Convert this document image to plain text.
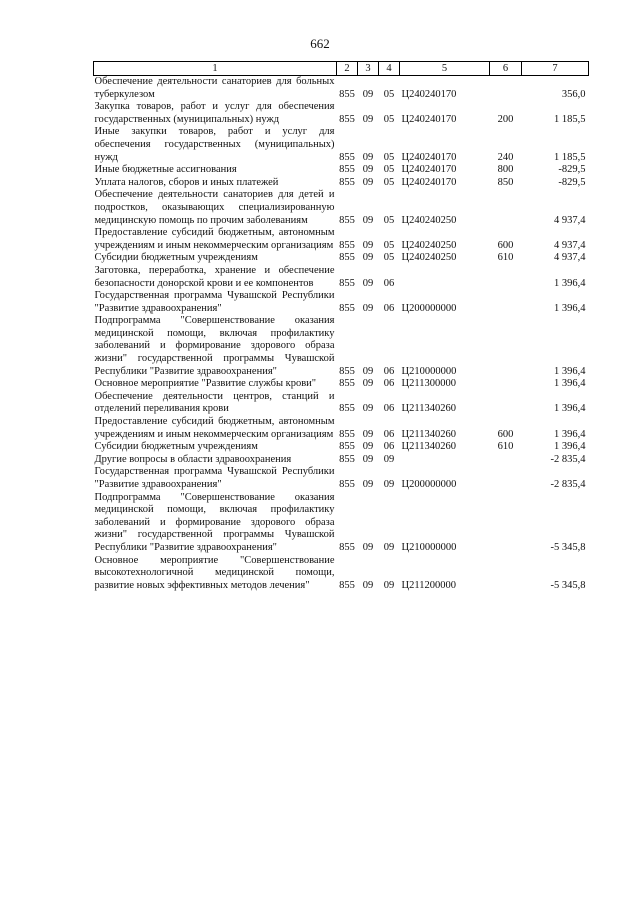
662
1	2	3	4	5	6	7
Обеспечение деятельности санаториев для больных туберкулезом	855	09	05	Ц240240170		356,0
Закупка товаров, работ и услуг для обеспечения государственных (муниципальных) нужд	855	09	05	Ц240240170	200	1 185,5
Иные закупки товаров, работ и услуг для обеспечения государственных (муниципальных) нужд	855	09	05	Ц240240170	240	1 185,5
Иные бюджетные ассигнования	855	09	05	Ц240240170	800	-829,5
Уплата налогов, сборов и иных платежей	855	09	05	Ц240240170	850	-829,5
Обеспечение деятельности санаториев для детей и подростков, оказывающих специализированную медицинскую помощь по прочим заболеваниям	855	09	05	Ц240240250		4 937,4
Предоставление субсидий бюджетным, автономным учреждениям и иным некоммерческим организациям	855	09	05	Ц240240250	600	4 937,4
Субсидии бюджетным учреждениям	855	09	05	Ц240240250	610	4 937,4
Заготовка, переработка, хранение и обеспечение безопасности донорской крови и ее компонентов	855	09	06			1 396,4
Государственная программа Чувашской Республики "Развитие здравоохранения"	855	09	06	Ц200000000		1 396,4
Подпрограмма "Совершенствование оказания медицинской помощи, включая профилактику заболеваний и формирование здорового образа жизни" государственной программы Чувашской Республики "Развитие здравоохранения"	855	09	06	Ц210000000		1 396,4
Основное мероприятие "Развитие службы крови"	855	09	06	Ц211300000		1 396,4
Обеспечение деятельности центров, станций и отделений переливания крови	855	09	06	Ц211340260		1 396,4
Предоставление субсидий бюджетным, автономным учреждениям и иным некоммерческим организациям	855	09	06	Ц211340260	600	1 396,4
Субсидии бюджетным учреждениям	855	09	06	Ц211340260	610	1 396,4
Другие вопросы в области здравоохранения	855	09	09			-2 835,4
Государственная программа Чувашской Республики "Развитие здравоохранения"	855	09	09	Ц200000000		-2 835,4
Подпрограмма "Совершенствование оказания медицинской помощи, включая профилактику заболеваний и формирование здорового образа жизни" государственной программы Чувашской Республики "Развитие здравоохранения"	855	09	09	Ц210000000		-5 345,8
Основное мероприятие "Совершенствование высокотехнологичной медицинской помощи, развитие новых эффективных методов лечения"	855	09	09	Ц211200000		-5 345,8
